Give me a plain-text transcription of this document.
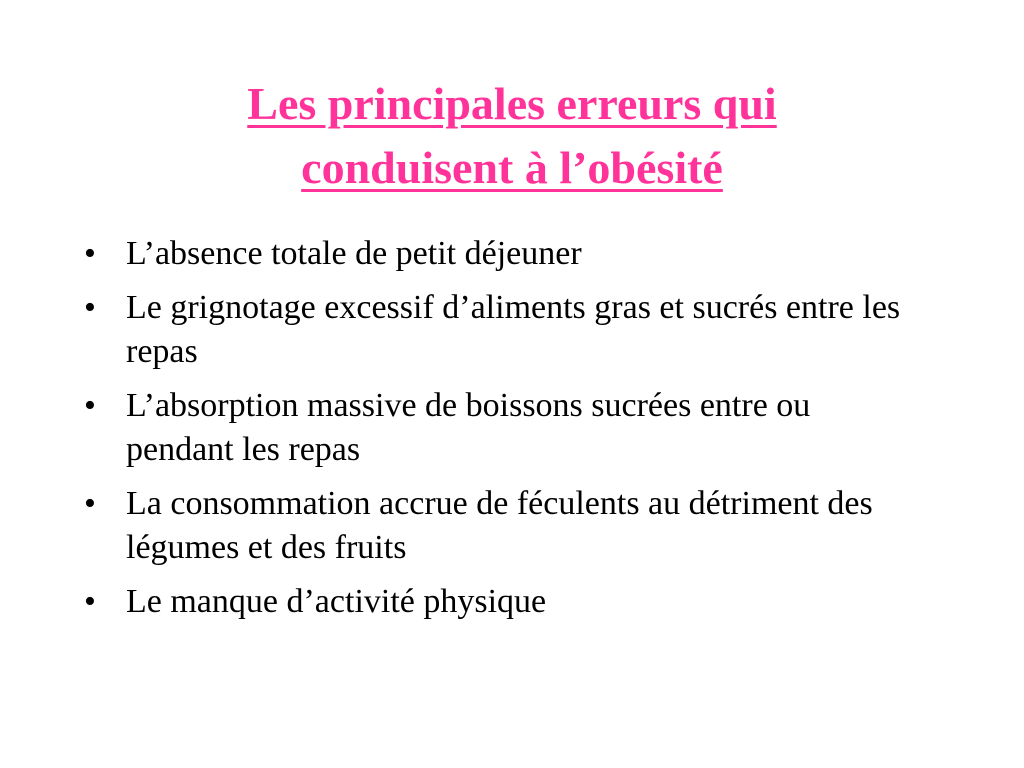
Les principales erreurs qui
conduisent à l’obésité
• L’absence totale de petit déjeuner
• Le grignotage excessif d’aliments gras et sucrés entre les repas
• L’absorption massive de boissons sucrées entre ou pendant les repas
• La consommation accrue de féculents au détriment des légumes et des fruits
• Le manque d’activité physique
